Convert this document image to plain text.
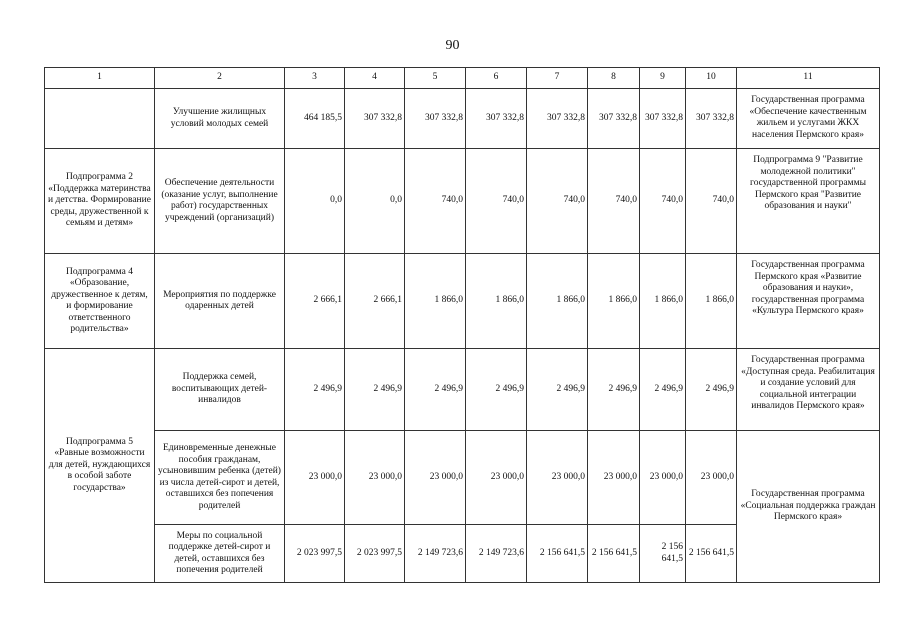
90
1	2	3	4	5	6	7	8	9	10	11
	Улучшение жилищных условий молодых семей	464 185,5	307 332,8	307 332,8	307 332,8	307 332,8	307 332,8	307 332,8	307 332,8	Государственная программа «Обеспечение качественным жильем и услугами ЖКХ населения Пермского края»
Подпрограмма 2 «Поддержка материнства и детства. Формирование среды, дружественной к семьям и детям»	Обеспечение деятельности (оказание услуг, выполнение работ) государственных учреждений (организаций)	0,0	0,0	740,0	740,0	740,0	740,0	740,0	740,0	Подпрограмма 9 "Развитие молодежной политики" государственной программы Пермского края "Развитие образования и науки"
Подпрограмма 4 «Образование, дружественное к детям, и формирование ответственного родительства»	Мероприятия по поддержке одаренных детей	2 666,1	2 666,1	1 866,0	1 866,0	1 866,0	1 866,0	1 866,0	1 866,0	Государственная программа Пермского края «Развитие образования и науки», государственная программа «Культура Пермского края»
Подпрограмма 5 «Равные возможности для детей, нуждающихся в особой заботе государства»	Поддержка семей, воспитывающих детей-инвалидов	2 496,9	2 496,9	2 496,9	2 496,9	2 496,9	2 496,9	2 496,9	2 496,9	Государственная программа «Доступная среда. Реабилитация и создание условий для социальной интеграции инвалидов Пермского края»
	Единовременные денежные пособия гражданам, усыновившим ребенка (детей) из числа детей-сирот и детей, оставшихся без попечения родителей	23 000,0	23 000,0	23 000,0	23 000,0	23 000,0	23 000,0	23 000,0	23 000,0	Государственная программа «Социальная поддержка граждан Пермского края»
	Меры по социальной поддержке детей-сирот и детей, оставшихся без попечения родителей	2 023 997,5	2 023 997,5	2 149 723,6	2 149 723,6	2 156 641,5	2 156 641,5	2 156 641,5	2 156 641,5	
